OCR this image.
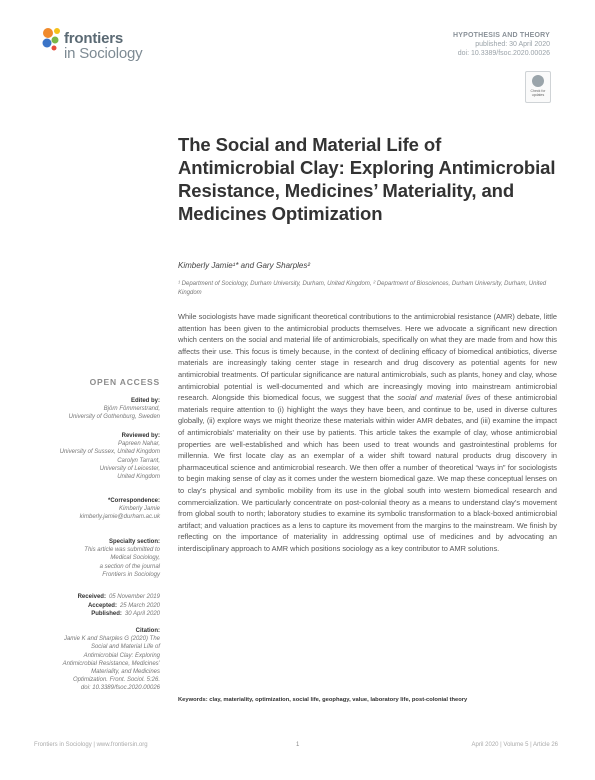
frontiers
in Sociology
HYPOTHESIS AND THEORY
published: 30 April 2020
doi: 10.3389/fsoc.2020.00026
Check for updates
The Social and Material Life of Antimicrobial Clay: Exploring Antimicrobial Resistance, Medicines’ Materiality, and Medicines Optimization
Kimberly Jamie¹* and Gary Sharples²
¹ Department of Sociology, Durham University, Durham, United Kingdom, ² Department of Biosciences, Durham University, Durham, United Kingdom
While sociologists have made significant theoretical contributions to the antimicrobial resistance (AMR) debate, little attention has been given to the antimicrobial products themselves. Here we advocate a significant new direction which centers on the social and material life of antimicrobials, specifically on what they are made from and how this affects their use. This focus is timely because, in the context of declining efficacy of biomedical antibiotics, diverse materials are increasingly taking center stage in research and drug discovery as potential agents for new antimicrobial treatments. Of particular significance are natural antimicrobials, such as plants, honey and clay, whose antimicrobial potential is well-documented and which are increasingly moving into mainstream antimicrobial research. Alongside this biomedical focus, we suggest that the social and material lives of these antimicrobial materials require attention to (i) highlight the ways they have been, and continue to be, used in diverse cultures globally, (ii) explore ways we might theorize these materials within wider AMR debates, and (iii) examine the impact of antimicrobials’ materiality on their use by patients. This article takes the example of clay, whose antimicrobial properties are well-established and which has been used to treat wounds and gastrointestinal problems for millennia. We first locate clay as an exemplar of a wider shift toward natural products drug discovery in pharmaceutical science and antimicrobial research. We then offer a number of theoretical “ways in” for sociologists to begin making sense of clay as it comes under the western biomedical gaze. We map these conceptual lenses on to clay’s physical and symbolic mobility from its use in the global south into western biomedical research and commercialization. We particularly concentrate on post-colonial theory as a means to understand clay’s movement from global south to north; laboratory studies to examine its symbolic transformation to a black-boxed antimicrobial artifact; and valuation practices as a lens to capture its movement from the margins to the mainstream. We finish by reflecting on the importance of materiality in addressing optimal use of medicines and by advocating an interdisciplinary approach to AMR which positions sociology as a key contributor to AMR solutions.
Keywords: clay, materiality, optimization, social life, geophagy, value, laboratory life, post-colonial theory
OPEN ACCESS
Edited by:
Björn Fömmerstrand,
University of Gothenburg, Sweden
Reviewed by:
Papreen Nahar,
University of Sussex, United Kingdom
Carolyn Tarrant,
University of Leicester,
United Kingdom
*Correspondence:
Kimberly Jamie
kimberly.jamie@durham.ac.uk
Specialty section:
This article was submitted to
Medical Sociology,
a section of the journal
Frontiers in Sociology
Received: 05 November 2019
Accepted: 25 March 2020
Published: 30 April 2020
Citation:
Jamie K and Sharples G (2020) The
Social and Material Life of
Antimicrobial Clay: Exploring
Antimicrobial Resistance, Medicines’
Materiality, and Medicines
Optimization. Front. Sociol. 5:26.
doi: 10.3389/fsoc.2020.00026
Frontiers in Sociology | www.frontiersin.org	1	April 2020 | Volume 5 | Article 26
